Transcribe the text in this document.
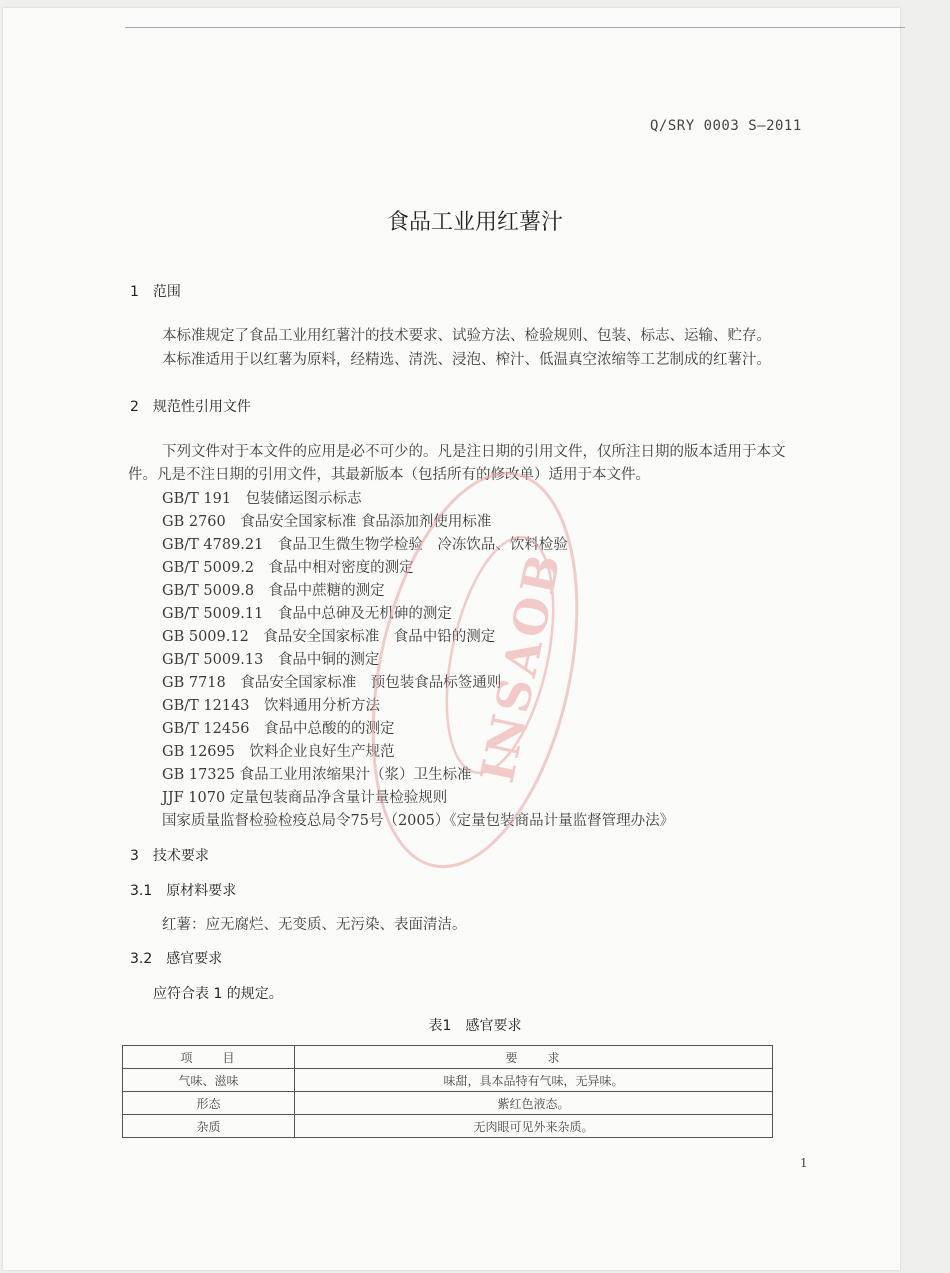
Q/SRY 0003 S—2011
食品工业用红薯汁
1　范围
本标准规定了食品工业用红薯汁的技术要求、试验方法、检验规则、包装、标志、运输、贮存。
本标准适用于以红薯为原料，经精选、清洗、浸泡、榨汁、低温真空浓缩等工艺制成的红薯汁。
2　规范性引用文件
下列文件对于本文件的应用是必不可少的。凡是注日期的引用文件，仅所注日期的版本适用于本文
件。凡是不注日期的引用文件，其最新版本（包括所有的修改单）适用于本文件。
GB/T 191　包装储运图示标志
GB 2760　食品安全国家标准 食品添加剂使用标准
GB/T 4789.21　食品卫生微生物学检验　冷冻饮品、饮料检验
GB/T 5009.2　食品中相对密度的测定
GB/T 5009.8　食品中蔗糖的测定
GB/T 5009.11　食品中总砷及无机砷的测定
GB 5009.12　食品安全国家标准　食品中铅的测定
GB/T 5009.13　食品中铜的测定
GB 7718　食品安全国家标准　预包装食品标签通则
GB/T 12143　饮料通用分析方法
GB/T 12456　食品中总酸的的测定
GB 12695　饮料企业良好生产规范
GB 17325 食品工业用浓缩果汁（浆）卫生标准
JJF 1070 定量包装商品净含量计量检验规则
国家质量监督检验检疫总局令75号（2005）《定量包装商品计量监督管理办法》
3　技术要求
3.1　原材料要求
红薯：应无腐烂、无变质、无污染、表面清洁。
3.2　感官要求
应符合表 1 的规定。
表1　感官要求
项　　目	要　　求
气味、滋味	味甜，具本品特有气味，无异味。
形态	紫红色液态。
杂质	无肉眼可见外来杂质。
1
INSAOB
